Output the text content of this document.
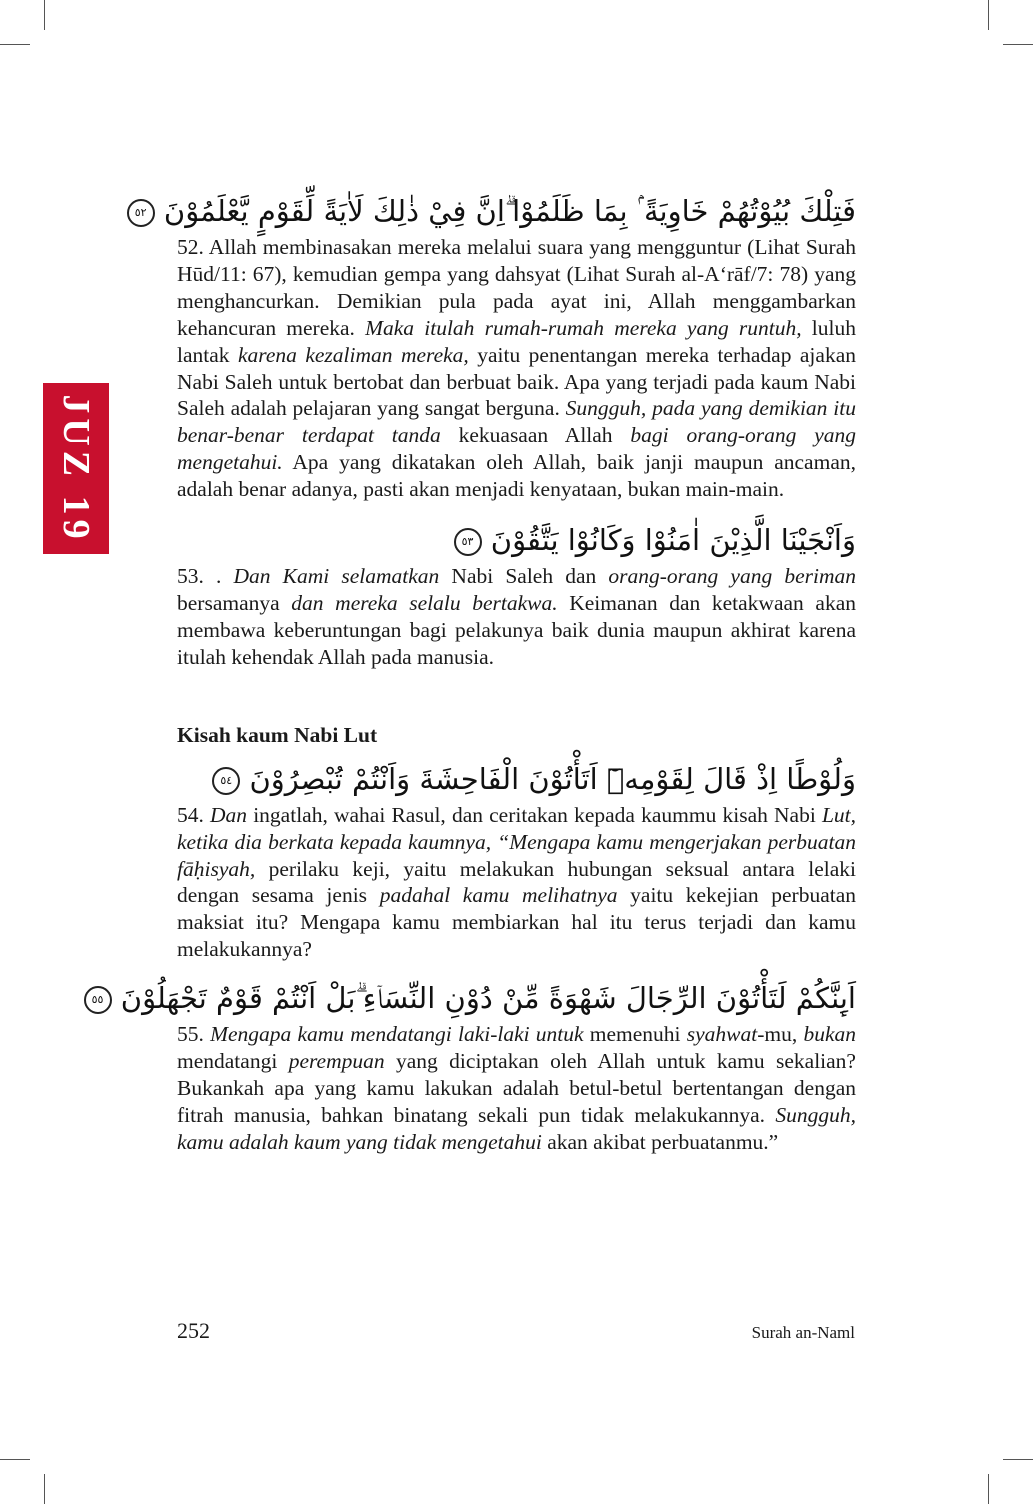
JUZ 19
فَتِلْكَ بُيُوْتُهُمْ خَاوِيَةً ۢ بِمَا ظَلَمُوْا ۗاِنَّ فِيْ ذٰلِكَ لَاٰيَةً لِّقَوْمٍ يَّعْلَمُوْنَ ٥٢

52. Allah membinasakan mereka melalui suara yang mengguntur (Lihat Surah Hūd/11: 67), kemudian gempa yang dahsyat (Lihat Surah al-A‘rāf/7: 78) yang menghancurkan. Demikian pula pada ayat ini, Allah menggambarkan kehancuran mereka. Maka itulah rumah-rumah mereka yang runtuh, luluh lantak karena kezaliman mereka, yaitu penentangan mereka terhadap ajakan Nabi Saleh untuk bertobat dan berbuat baik. Apa yang terjadi pada kaum Nabi Saleh adalah pelajaran yang sangat berguna. Sungguh, pada yang demikian itu benar-benar terdapat tanda kekuasaan Allah bagi orang-orang yang mengetahui. Apa yang dikatakan oleh Allah, baik janji maupun ancaman, adalah benar adanya, pasti akan menjadi kenyataan, bukan main-main.

وَاَنْجَيْنَا الَّذِيْنَ اٰمَنُوْا وَكَانُوْا يَتَّقُوْنَ ٥٣

53. . Dan Kami selamatkan Nabi Saleh dan orang-orang yang beriman bersamanya dan mereka selalu bertakwa. Keimanan dan ketakwaan akan membawa keberuntungan bagi pelakunya baik dunia maupun akhirat karena itulah kehendak Allah pada manusia.

Kisah kaum Nabi Lut
وَلُوْطًا اِذْ قَالَ لِقَوْمِهٖٓ اَتَأْتُوْنَ الْفَاحِشَةَ وَاَنْتُمْ تُبْصِرُوْنَ ٥٤

54. Dan ingatlah, wahai Rasul, dan ceritakan kepada kaummu kisah Nabi Lut, ketika dia berkata kepada kaumnya, “Mengapa kamu mengerjakan perbuatan fāḥisyah, perilaku keji, yaitu melakukan hubungan seksual antara lelaki dengan sesama jenis padahal kamu melihatnya yaitu kekejian perbuatan maksiat itu? Mengapa kamu membiarkan hal itu terus terjadi dan kamu melakukannya?

اَىِٕنَّكُمْ لَتَأْتُوْنَ الرِّجَالَ شَهْوَةً مِّنْ دُوْنِ النِّسَاۤءِ ۗبَلْ اَنْتُمْ قَوْمٌ تَجْهَلُوْنَ ٥٥

55. Mengapa kamu mendatangi laki-laki untuk memenuhi syahwat-mu, bukan mendatangi perempuan yang diciptakan oleh Allah untuk kamu sekalian? Bukankah apa yang kamu lakukan adalah betul-betul bertentangan dengan fitrah manusia, bahkan binatang sekali pun tidak melakukannya. Sungguh, kamu adalah kaum yang tidak mengetahui akan akibat perbuatanmu.”

252	Surah an-Naml
